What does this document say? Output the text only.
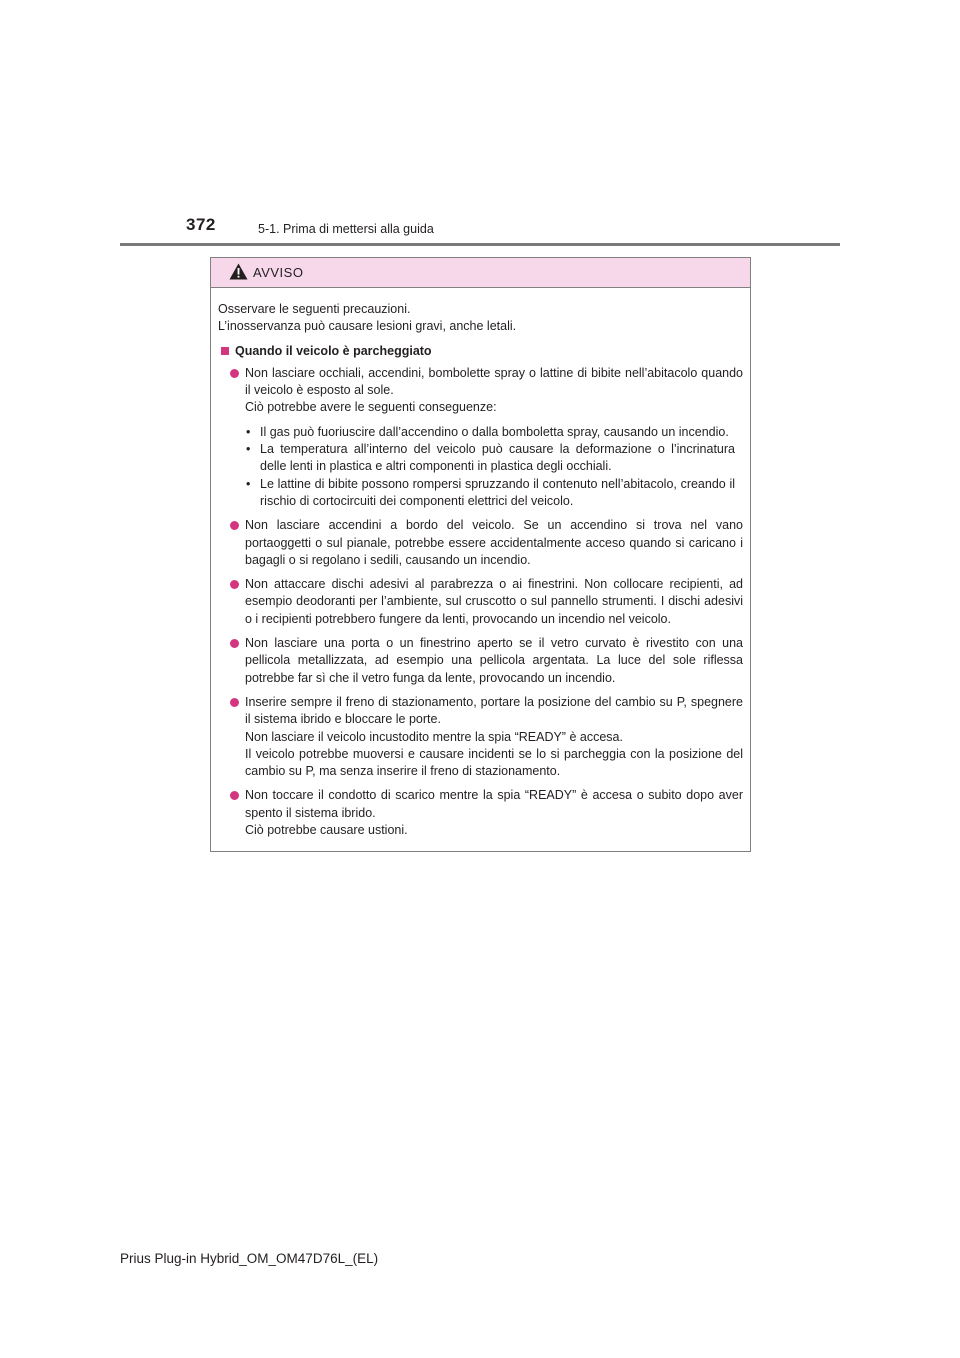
372	5-1. Prima di mettersi alla guida
AVVISO

Osservare le seguenti precauzioni.

L’inosservanza può causare lesioni gravi, anche letali.

Quando il veicolo è parcheggiato

Non lasciare occhiali, accendini, bombolette spray o lattine di bibite nell’abitacolo quando il veicolo è esposto al sole.

Ciò potrebbe avere le seguenti conseguenze:

• Il gas può fuoriuscire dall’accendino o dalla bomboletta spray, causando un incendio.
• La temperatura all’interno del veicolo può causare la deformazione o l’incrinatura delle lenti in plastica e altri componenti in plastica degli occhiali.
• Le lattine di bibite possono rompersi spruzzando il contenuto nell’abitacolo, creando il rischio di cortocircuiti dei componenti elettrici del veicolo.

Non lasciare accendini a bordo del veicolo. Se un accendino si trova nel vano portaoggetti o sul pianale, potrebbe essere accidentalmente acceso quando si caricano i bagagli o si regolano i sedili, causando un incendio.

Non attaccare dischi adesivi al parabrezza o ai finestrini. Non collocare recipienti, ad esempio deodoranti per l’ambiente, sul cruscotto o sul pannello strumenti. I dischi adesivi o i recipienti potrebbero fungere da lenti, provocando un incendio nel veicolo.

Non lasciare una porta o un finestrino aperto se il vetro curvato è rivestito con una pellicola metallizzata, ad esempio una pellicola argentata. La luce del sole riflessa potrebbe far sì che il vetro funga da lente, provocando un incendio.

Inserire sempre il freno di stazionamento, portare la posizione del cambio su P, spegnere il sistema ibrido e bloccare le porte.

Non lasciare il veicolo incustodito mentre la spia “READY” è accesa.

Il veicolo potrebbe muoversi e causare incidenti se lo si parcheggia con la posizione del cambio su P, ma senza inserire il freno di stazionamento.

Non toccare il condotto di scarico mentre la spia “READY” è accesa o subito dopo aver spento il sistema ibrido.

Ciò potrebbe causare ustioni.

Prius Plug-in Hybrid_OM_OM47D76L_(EL)
